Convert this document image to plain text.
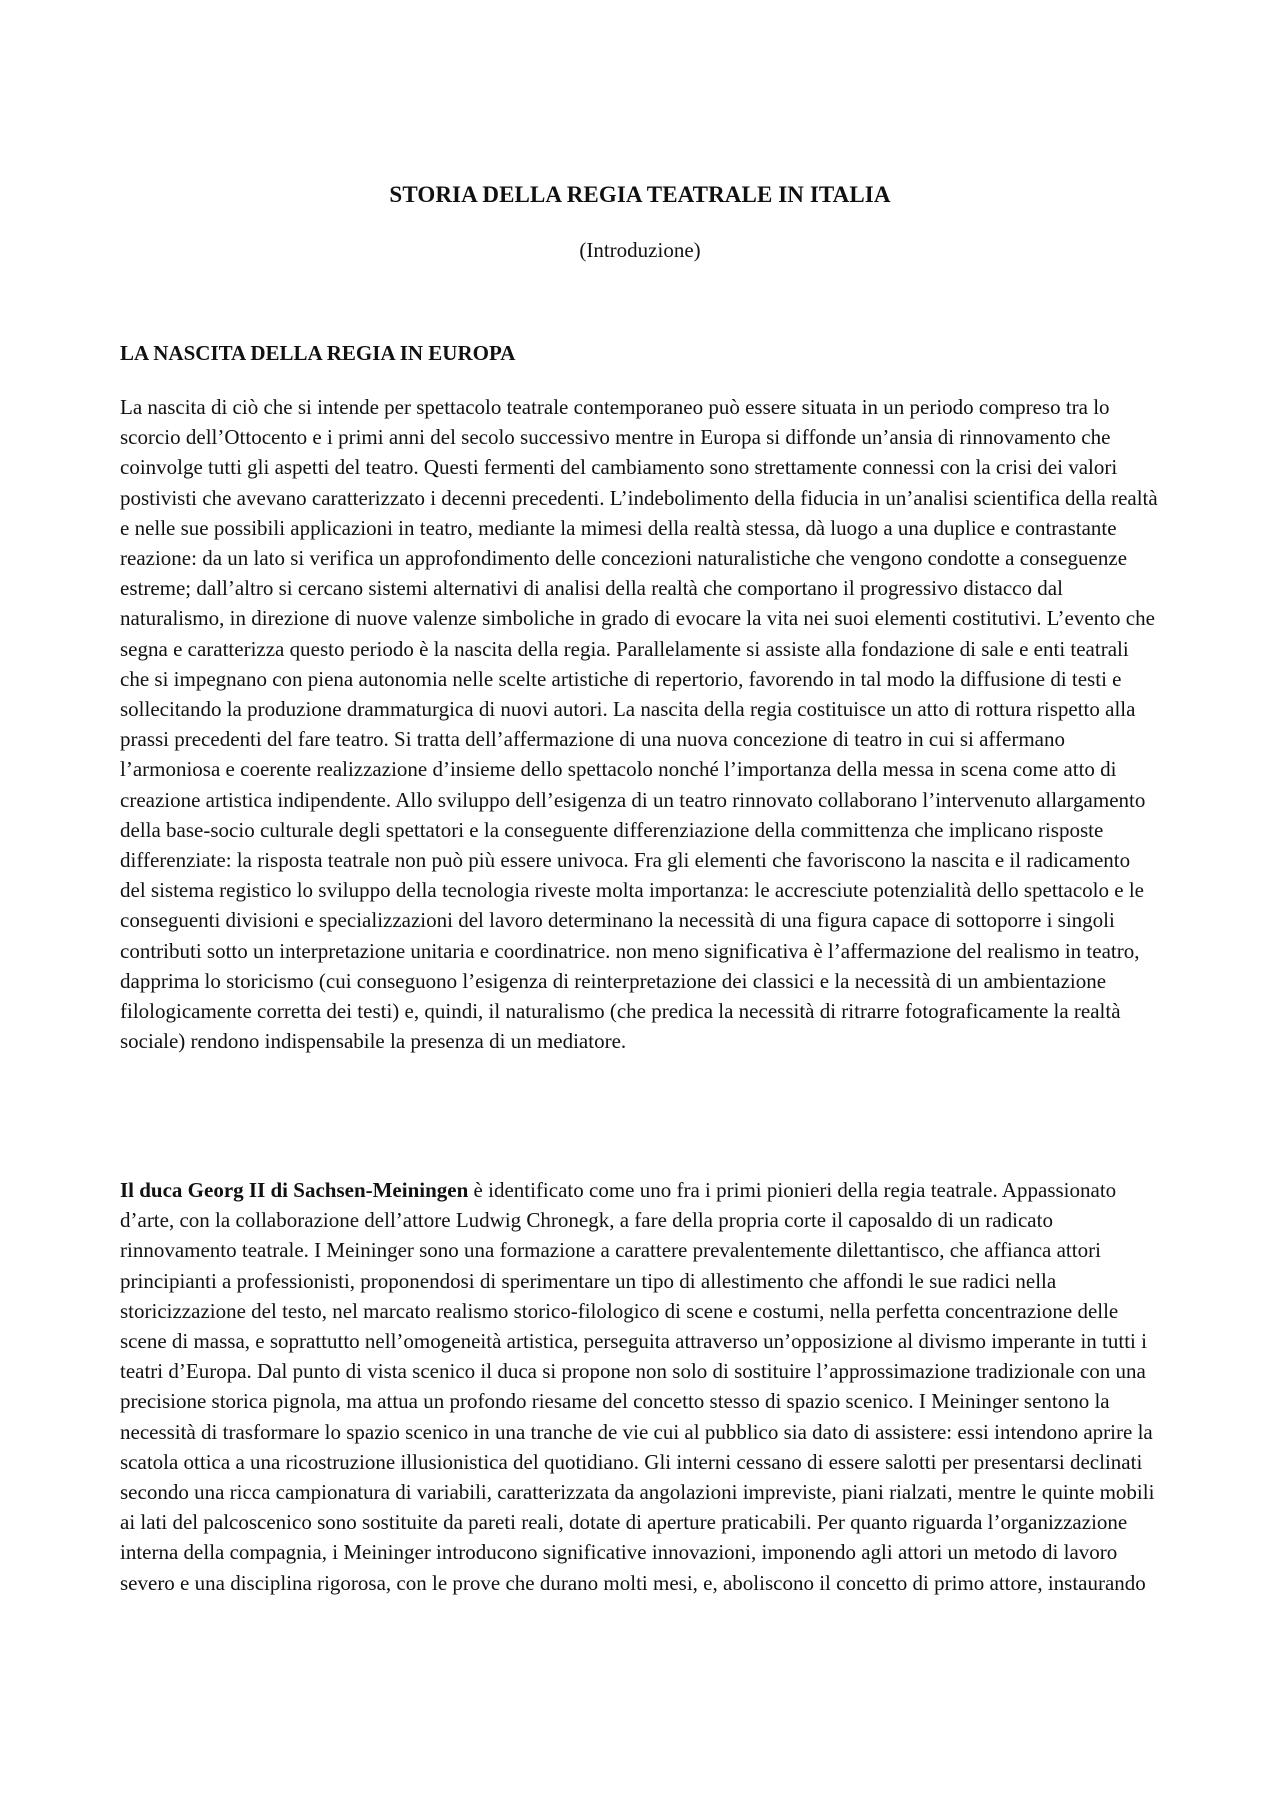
STORIA DELLA REGIA TEATRALE IN ITALIA
(Introduzione)
LA NASCITA DELLA REGIA IN EUROPA

La nascita di ciò che si intende per spettacolo teatrale contemporaneo può essere situata in un periodo compreso tra lo scorcio dell’Ottocento e i primi anni del secolo successivo mentre in Europa si diffonde un’ansia di rinnovamento che coinvolge tutti gli aspetti del teatro. Questi fermenti del cambiamento sono strettamente connessi con la crisi dei valori postivisti che avevano caratterizzato i decenni precedenti. L’indebolimento della fiducia in un’analisi scientifica della realtà e nelle sue possibili applicazioni in teatro, mediante la mimesi della realtà stessa, dà luogo a una duplice e contrastante reazione: da un lato si verifica un approfondimento delle concezioni naturalistiche che vengono condotte a conseguenze estreme; dall’altro si cercano sistemi alternativi di analisi della realtà che comportano il progressivo distacco dal naturalismo, in direzione di nuove valenze simboliche in grado di evocare la vita nei suoi elementi costitutivi. L’evento che segna e caratterizza questo periodo è la nascita della regia. Parallelamente si assiste alla fondazione di sale e enti teatrali che si impegnano con piena autonomia nelle scelte artistiche di repertorio, favorendo in tal modo la diffusione di testi e sollecitando la produzione drammaturgica di nuovi autori. La nascita della regia costituisce un atto di rottura rispetto alla prassi precedenti del fare teatro. Si tratta dell’affermazione di una nuova concezione di teatro in cui si affermano l’armoniosa e coerente realizzazione d’insieme dello spettacolo nonché l’importanza della messa in scena come atto di creazione artistica indipendente. Allo sviluppo dell’esigenza di un teatro rinnovato collaborano l’intervenuto allargamento della base-socio culturale degli spettatori e la conseguente differenziazione della committenza che implicano risposte differenziate: la risposta teatrale non può più essere univoca. Fra gli elementi che favoriscono la nascita e il radicamento del sistema registico lo sviluppo della tecnologia riveste molta importanza: le accresciute potenzialità dello spettacolo e le conseguenti divisioni e specializzazioni del lavoro determinano la necessità di una figura capace di sottoporre i singoli contributi sotto un interpretazione unitaria e coordinatrice. non meno significativa è l’affermazione del realismo in teatro, dapprima lo storicismo (cui conseguono l’esigenza di reinterpretazione dei classici e la necessità di un ambientazione filologicamente corretta dei testi) e, quindi, il naturalismo (che predica la necessità di ritrarre fotograficamente la realtà sociale) rendono indispensabile la presenza di un mediatore.

Il duca Georg II di Sachsen-Meiningen è identificato come uno fra i primi pionieri della regia teatrale. Appassionato d’arte, con la collaborazione dell’attore Ludwig Chronegk, a fare della propria corte il caposaldo di un radicato rinnovamento teatrale. I Meininger sono una formazione a carattere prevalentemente dilettantisco, che affianca attori principianti a professionisti, proponendosi di sperimentare un tipo di allestimento che affondi le sue radici nella storicizzazione del testo, nel marcato realismo storico-filologico di scene e costumi, nella perfetta concentrazione delle scene di massa, e soprattutto nell’omogeneità artistica, perseguita attraverso un’opposizione al divismo imperante in tutti i teatri d’Europa. Dal punto di vista scenico il duca si propone non solo di sostituire l’approssimazione tradizionale con una precisione storica pignola, ma attua un profondo riesame del concetto stesso di spazio scenico. I Meininger sentono la necessità di trasformare lo spazio scenico in una tranche de vie cui al pubblico sia dato di assistere: essi intendono aprire la scatola ottica a una ricostruzione illusionistica del quotidiano. Gli interni cessano di essere salotti per presentarsi declinati secondo una ricca campionatura di variabili, caratterizzata da angolazioni impreviste, piani rialzati, mentre le quinte mobili ai lati del palcoscenico sono sostituite da pareti reali, dotate di aperture praticabili. Per quanto riguarda l’organizzazione interna della compagnia, i Meininger introducono significative innovazioni, imponendo agli attori un metodo di lavoro severo e una disciplina rigorosa, con le prove che durano molti mesi, e, aboliscono il concetto di primo attore, instaurando
